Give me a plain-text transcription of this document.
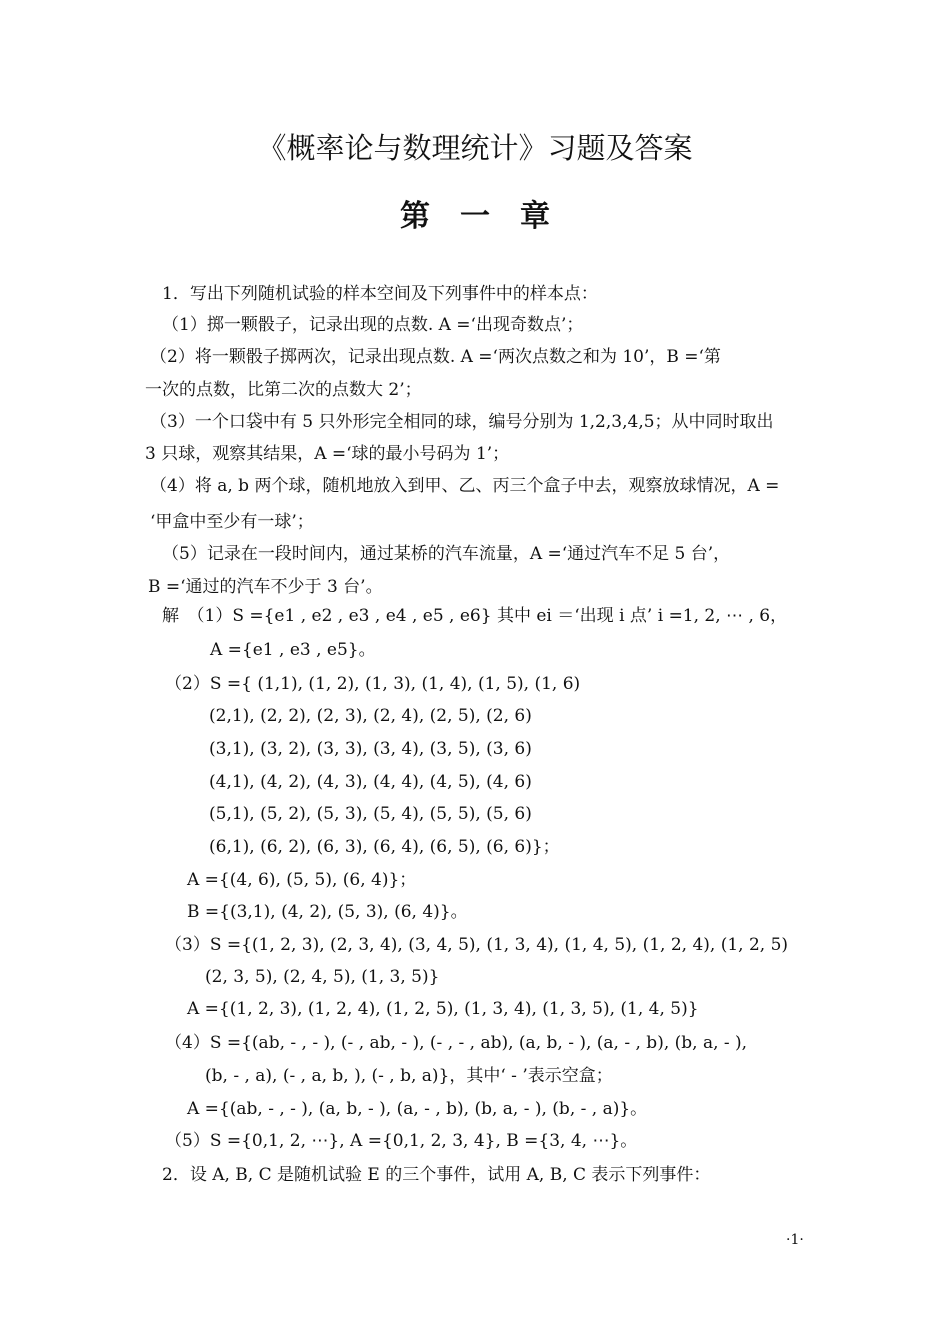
《概率论与数理统计》习题及答案
第　一　章
1．写出下列随机试验的样本空间及下列事件中的样本点：
（1）掷一颗骰子，记录出现的点数. A =‘出现奇数点’；
（2）将一颗骰子掷两次，记录出现点数. A =‘两次点数之和为 10’，B =‘第
一次的点数，比第二次的点数大 2’；
（3）一个口袋中有 5 只外形完全相同的球，编号分别为 1,2,3,4,5；从中同时取出
3 只球，观察其结果，A =‘球的最小号码为 1’；
（4）将 a, b 两个球，随机地放入到甲、乙、丙三个盒子中去，观察放球情况，A =
‘甲盒中至少有一球’；
（5）记录在一段时间内，通过某桥的汽车流量，A =‘通过汽车不足 5 台’，
B =‘通过的汽车不少于 3 台’。
解　（1）S ={e1 , e2 , e3 , e4 , e5 , e6} 其中 ei ＝‘出现 i 点’ i =1, 2, ⋯ , 6，
A ={e1 , e3 , e5}。
（2）S ={ (1,1), (1, 2), (1, 3), (1, 4), (1, 5), (1, 6)
(2,1), (2, 2), (2, 3), (2, 4), (2, 5), (2, 6)
(3,1), (3, 2), (3, 3), (3, 4), (3, 5), (3, 6)
(4,1), (4, 2), (4, 3), (4, 4), (4, 5), (4, 6)
(5,1), (5, 2), (5, 3), (5, 4), (5, 5), (5, 6)
(6,1), (6, 2), (6, 3), (6, 4), (6, 5), (6, 6)}；
A ={(4, 6), (5, 5), (6, 4)}；
B ={(3,1), (4, 2), (5, 3), (6, 4)}。
（3）S ={(1, 2, 3), (2, 3, 4), (3, 4, 5), (1, 3, 4), (1, 4, 5), (1, 2, 4), (1, 2, 5)
(2, 3, 5), (2, 4, 5), (1, 3, 5)}
A ={(1, 2, 3), (1, 2, 4), (1, 2, 5), (1, 3, 4), (1, 3, 5), (1, 4, 5)}
（4）S ={(ab, - , - ), (- , ab, - ), (- , - , ab), (a, b, - ), (a, - , b), (b, a, - ),
(b, - , a), (- , a, b, ), (- , b, a)}，其中‘ - ’表示空盒；
A ={(ab, - , - ), (a, b, - ), (a, - , b), (b, a, - ), (b, - , a)}。
（5）S ={0,1, 2, ⋯}, A ={0,1, 2, 3, 4}, B ={3, 4, ⋯}。
2．设 A, B, C 是随机试验 E 的三个事件，试用 A, B, C 表示下列事件：
·1·
